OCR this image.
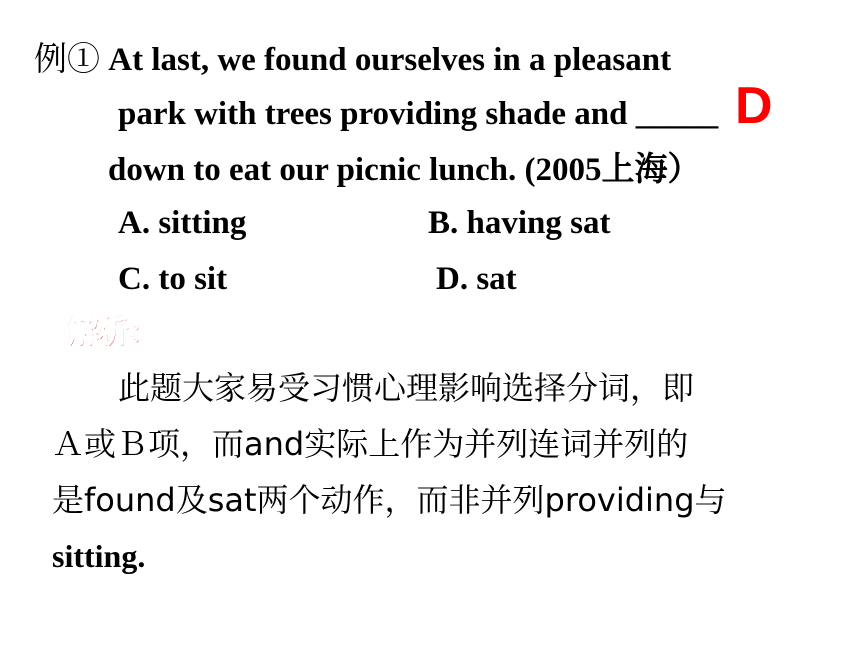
例① At last, we found ourselves in a pleasant
park with trees providing shade and _____
down to eat our picnic lunch. (2005上海）
D
A. sitting	B. having sat
C. to sit	D. sat
解析：
此题大家易受习惯心理影响选择分词，即
Ａ或Ｂ项，而and实际上作为并列连词并列的
是found及sat两个动作，而非并列providing与
sitting.
